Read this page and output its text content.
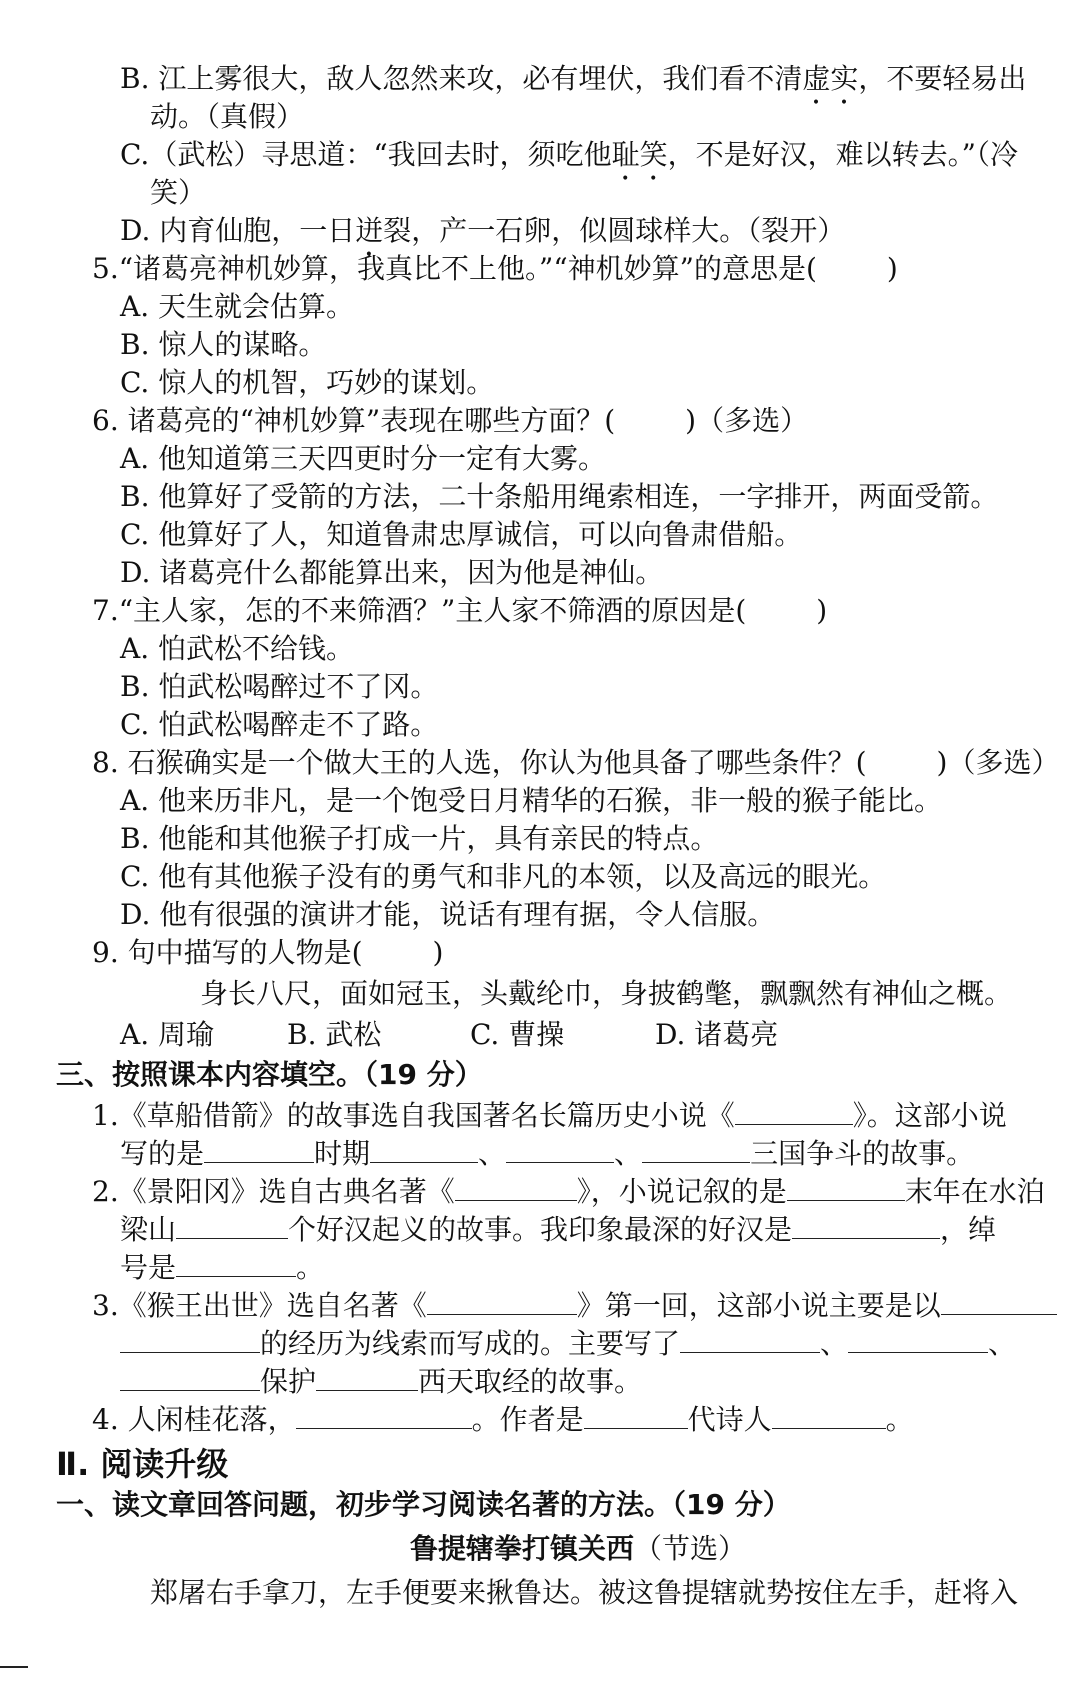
B. 江上雾很大，敌人忽然来攻，必有埋伏，我们看不清虚实，不要轻易出
动。（真假）
C.（武松）寻思道：“我回去时，须吃他耻笑，不是好汉，难以转去。”（冷
笑）
D. 内育仙胞，一日迸裂，产一石卵，似圆球样大。（裂开）
5.“诸葛亮神机妙算，我真比不上他。”“神机妙算”的意思是(	)
A. 天生就会估算。
B. 惊人的谋略。
C. 惊人的机智，巧妙的谋划。
6. 诸葛亮的“神机妙算”表现在哪些方面？(	)（多选）
A. 他知道第三天四更时分一定有大雾。
B. 他算好了受箭的方法，二十条船用绳索相连，一字排开，两面受箭。
C. 他算好了人，知道鲁肃忠厚诚信，可以向鲁肃借船。
D. 诸葛亮什么都能算出来，因为他是神仙。
7.“主人家，怎的不来筛酒？”主人家不筛酒的原因是(	)
A. 怕武松不给钱。
B. 怕武松喝醉过不了冈。
C. 怕武松喝醉走不了路。
8. 石猴确实是一个做大王的人选，你认为他具备了哪些条件？(	)（多选）
A. 他来历非凡，是一个饱受日月精华的石猴，非一般的猴子能比。
B. 他能和其他猴子打成一片，具有亲民的特点。
C. 他有其他猴子没有的勇气和非凡的本领，以及高远的眼光。
D. 他有很强的演讲才能，说话有理有据，令人信服。
9. 句中描写的人物是(	)
身长八尺，面如冠玉，头戴纶巾，身披鹤氅，飘飘然有神仙之概。
A. 周瑜	B. 武松	C. 曹操	D. 诸葛亮
三、按照课本内容填空。（19 分）
1.《草船借箭》的故事选自我国著名长篇历史小说《	》。这部小说
写的是	时期	、	、	三国争斗的故事。
2.《景阳冈》选自古典名著《	》，小说记叙的是	末年在水泊
梁山	个好汉起义的故事。我印象最深的好汉是	，绰
号是	。
3.《猴王出世》选自名著《	》第一回，这部小说主要是以
的经历为线索而写成的。主要写了	、	、
保护	西天取经的故事。
4. 人闲桂花落，	。作者是	代诗人	。
Ⅱ. 阅读升级
一、读文章回答问题，初步学习阅读名著的方法。（19 分）
鲁提辖拳打镇关西（节选）
郑屠右手拿刀，左手便要来揪鲁达。被这鲁提辖就势按住左手，赶将入
